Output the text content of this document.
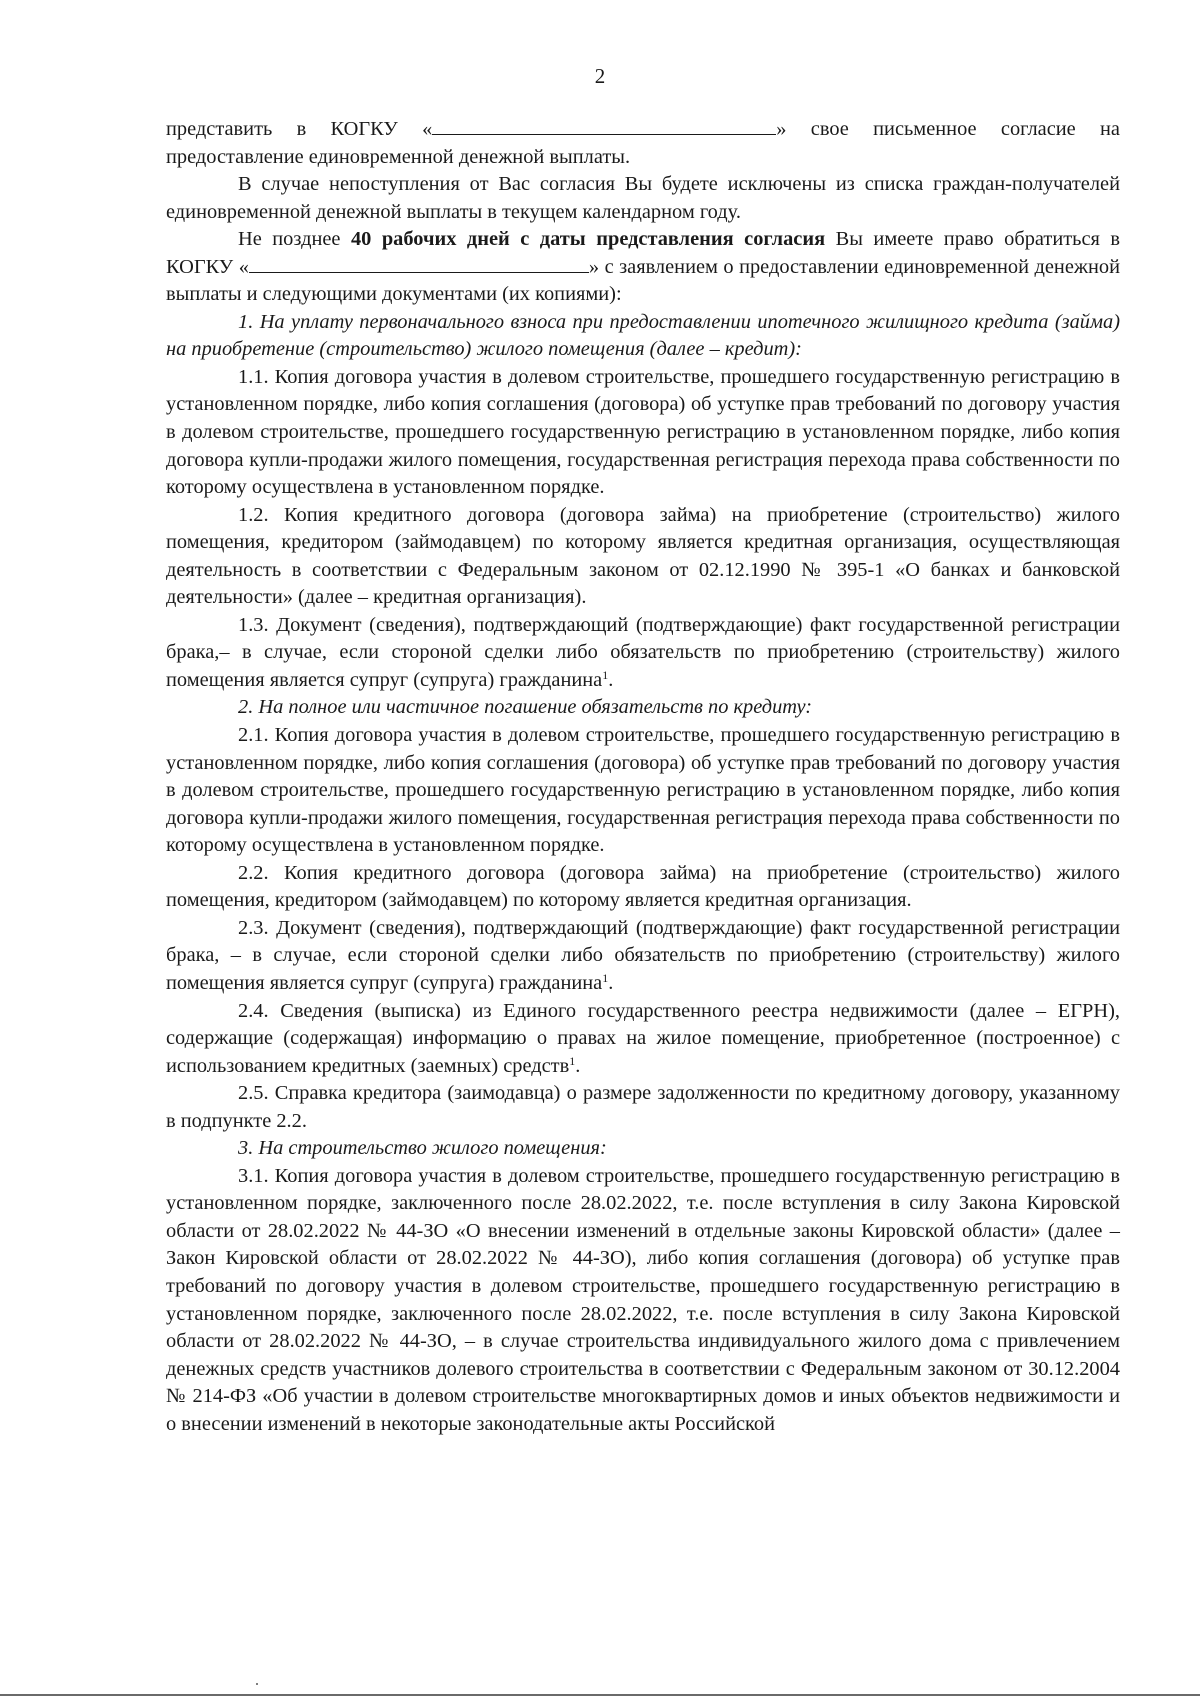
2

представить в КОГКУ «	» свое письменное согласие на предоставление единовременной денежной выплаты.

В случае непоступления от Вас согласия Вы будете исключены из списка граждан-получателей единовременной денежной выплаты в текущем календарном году.

Не позднее 40 рабочих дней с даты представления согласия Вы имеете право обратиться в КОГКУ «	» с заявлением о предоставлении единовременной денежной выплаты и следующими документами (их копиями):

1. На уплату первоначального взноса при предоставлении ипотечного жилищного кредита (займа) на приобретение (строительство) жилого помещения (далее – кредит):

1.1. Копия договора участия в долевом строительстве, прошедшего государственную регистрацию в установленном порядке, либо копия соглашения (договора) об уступке прав требований по договору участия в долевом строительстве, прошедшего государственную регистрацию в установленном порядке, либо копия договора купли-продажи жилого помещения, государственная регистрация перехода права собственности по которому осуществлена в установленном порядке.

1.2. Копия кредитного договора (договора займа) на приобретение (строительство) жилого помещения, кредитором (займодавцем) по которому является кредитная организация, осуществляющая деятельность в соответствии с Федеральным законом от 02.12.1990 № 395-1 «О банках и банковской деятельности» (далее – кредитная организация).

1.3. Документ (сведения), подтверждающий (подтверждающие) факт государственной регистрации брака,– в случае, если стороной сделки либо обязательств по приобретению (строительству) жилого помещения является супруг (супруга) гражданина$^1$.

2. На полное или частичное погашение обязательств по кредиту:

2.1. Копия договора участия в долевом строительстве, прошедшего государственную регистрацию в установленном порядке, либо копия соглашения (договора) об уступке прав требований по договору участия в долевом строительстве, прошедшего государственную регистрацию в установленном порядке, либо копия договора купли-продажи жилого помещения, государственная регистрация перехода права собственности по которому осуществлена в установленном порядке.

2.2. Копия кредитного договора (договора займа) на приобретение (строительство) жилого помещения, кредитором (займодавцем) по которому является кредитная организация.

2.3. Документ (сведения), подтверждающий (подтверждающие) факт государственной регистрации брака, – в случае, если стороной сделки либо обязательств по приобретению (строительству) жилого помещения является супруг (супруга) гражданина$^1$.

2.4. Сведения (выписка) из Единого государственного реестра недвижимости (далее – ЕГРН), содержащие (содержащая) информацию о правах на жилое помещение, приобретенное (построенное) с использованием кредитных (заемных) средств$^1$.

2.5. Справка кредитора (заимодавца) о размере задолженности по кредитному договору, указанному в подпункте 2.2.

3. На строительство жилого помещения:

3.1. Копия договора участия в долевом строительстве, прошедшего государственную регистрацию в установленном порядке, заключенного после 28.02.2022, т.е. после вступления в силу Закона Кировской области от 28.02.2022 № 44-ЗО «О внесении изменений в отдельные законы Кировской области» (далее – Закон Кировской области от 28.02.2022 № 44-ЗО), либо копия соглашения (договора) об уступке прав требований по договору участия в долевом строительстве, прошедшего государственную регистрацию в установленном порядке, заключенного после 28.02.2022, т.е. после вступления в силу Закона Кировской области от 28.02.2022 № 44-ЗО, – в случае строительства индивидуального жилого дома с привлечением денежных средств участников долевого строительства в соответствии с Федеральным законом от 30.12.2004 № 214-ФЗ «Об участии в долевом строительстве многоквартирных домов и иных объектов недвижимости и о внесении изменений в некоторые законодательные акты Российской
